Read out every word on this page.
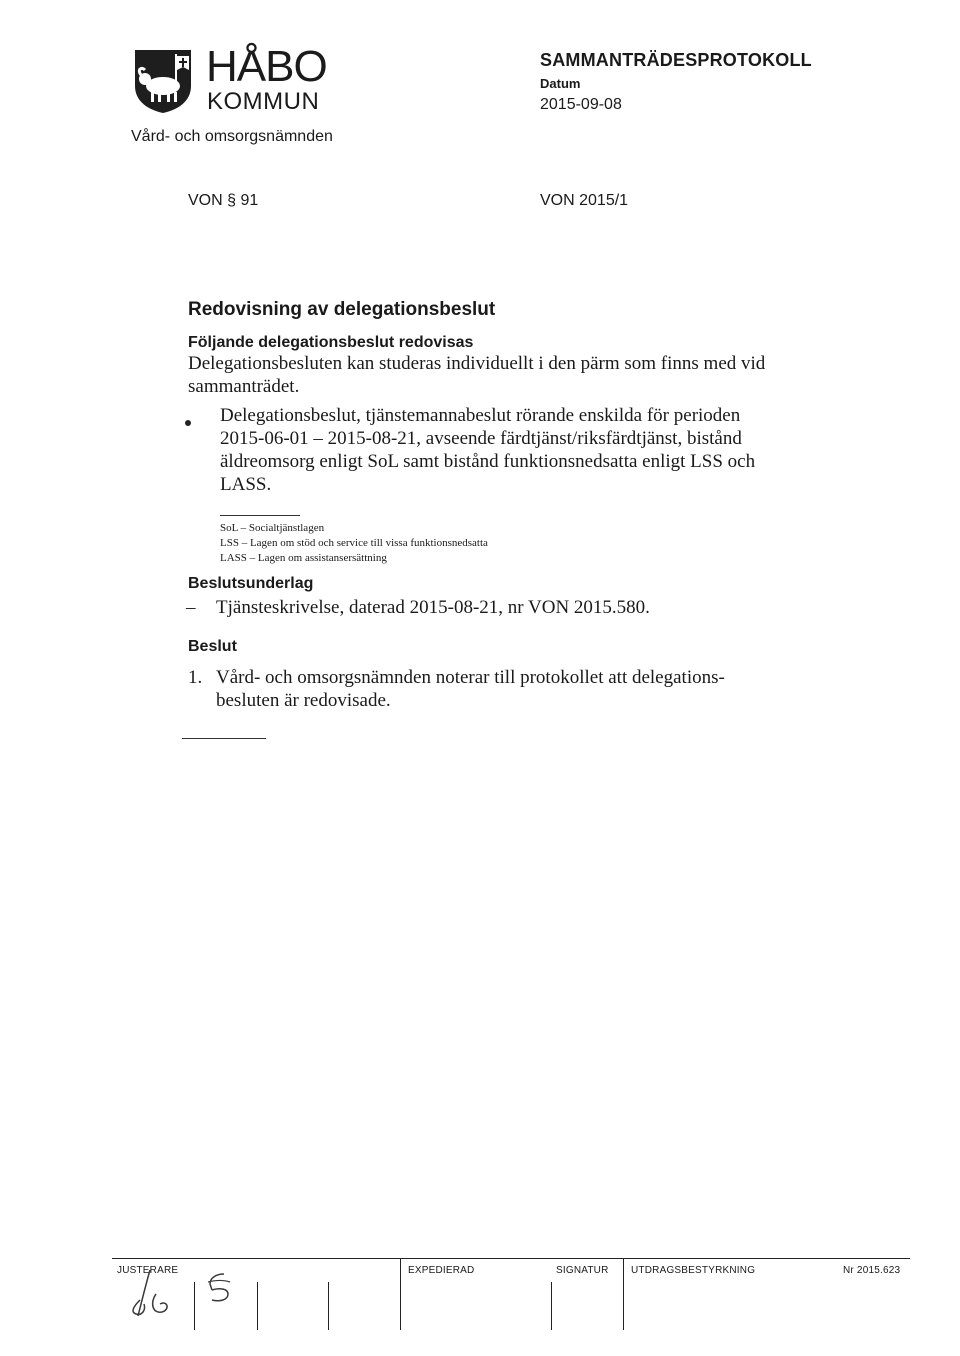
HÅBO
KOMMUN
Vård- och omsorgsnämnden
SAMMANTRÄDESPROTOKOLL
Datum
2015-09-08
VON § 91	VON 2015/1
Redovisning av delegationsbeslut
Följande delegationsbeslut redovisas
Delegationsbesluten kan studeras individuellt i den pärm som finns med vid sammanträdet.
Delegationsbeslut, tjänstemannabeslut rörande enskilda för perioden 2015-06-01 – 2015-08-21, avseende färdtjänst/riksfärdtjänst, bistånd äldreomsorg enligt SoL samt bistånd funktionsnedsatta enligt LSS och LASS.
SoL – Socialtjänstlagen
LSS – Lagen om stöd och service till vissa funktionsnedsatta
LASS – Lagen om assistansersättning
Beslutsunderlag
– Tjänsteskrivelse, daterad 2015-08-21, nr VON 2015.580.
Beslut
1. Vård- och omsorgsnämnden noterar till protokollet att delegations-besluten är redovisade.
JUSTERARE	EXPEDIERAD	SIGNATUR UTDRAGSBESTYRKNING	Nr 2015.623
